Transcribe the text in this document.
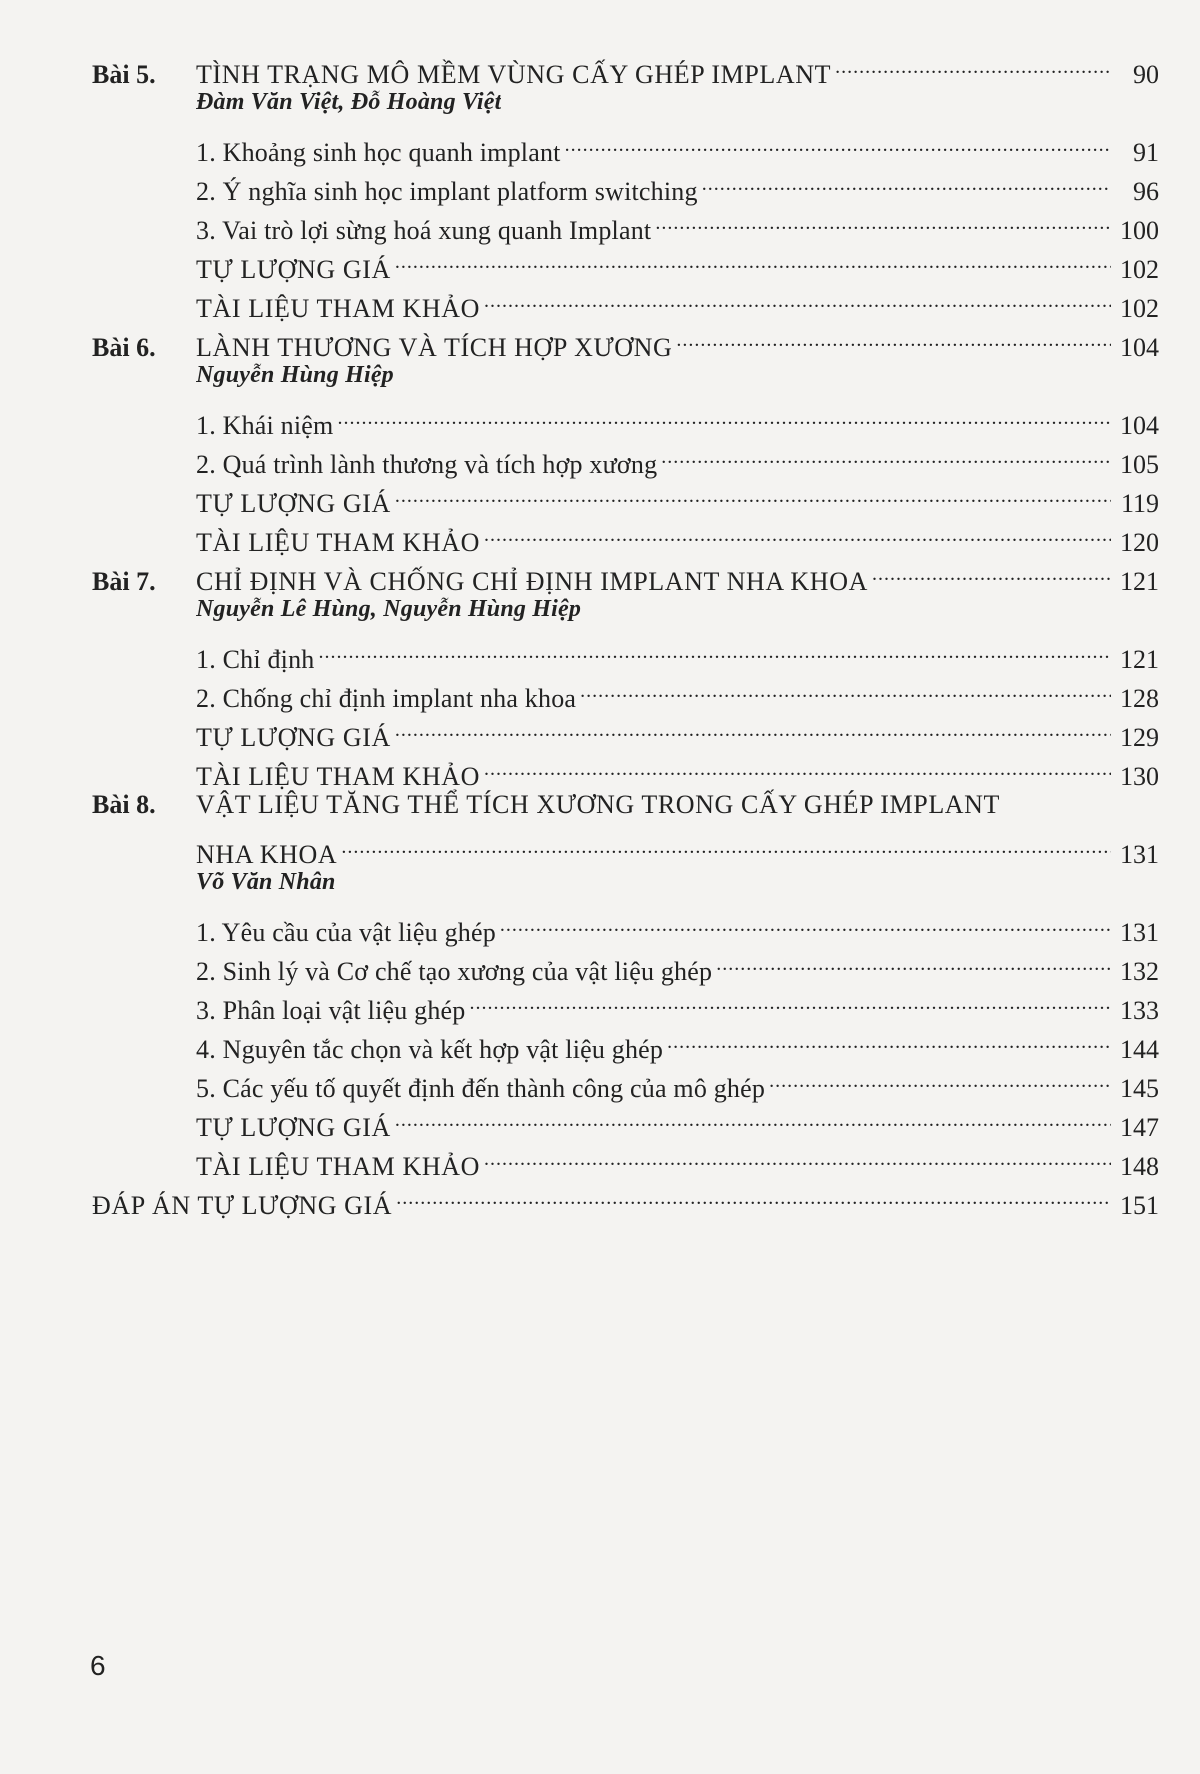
Bài 5.	TÌNH TRẠNG MÔ MỀM VÙNG CẤY GHÉP IMPLANT .....	90
Đàm Văn Việt, Đỗ Hoàng Việt
1. Khoảng sinh học quanh implant .....	91
2. Ý nghĩa sinh học implant platform switching .....	96
3. Vai trò lợi sừng hoá xung quanh Implant .....	100
TỰ LƯỢNG GIÁ .....	102
TÀI LIỆU THAM KHẢO .....	102
Bài 6.	LÀNH THƯƠNG VÀ TÍCH HỢP XƯƠNG .....	104
Nguyễn Hùng Hiệp
1. Khái niệm .....	104
2. Quá trình lành thương và tích hợp xương .....	105
TỰ LƯỢNG GIÁ .....	119
TÀI LIỆU THAM KHẢO .....	120
Bài 7.	CHỈ ĐỊNH VÀ CHỐNG CHỈ ĐỊNH IMPLANT NHA KHOA .....	121
Nguyễn Lê Hùng, Nguyễn Hùng Hiệp
1. Chỉ định .....	121
2. Chống chỉ định implant nha khoa .....	128
TỰ LƯỢNG GIÁ .....	129
TÀI LIỆU THAM KHẢO .....	130
Bài 8.	VẬT LIỆU TĂNG THỂ TÍCH XƯƠNG TRONG CẤY GHÉP IMPLANT
NHA KHOA .....	131
Võ Văn Nhân
1. Yêu cầu của vật liệu ghép .....	131
2. Sinh lý và Cơ chế tạo xương của vật liệu ghép .....	132
3. Phân loại vật liệu ghép .....	133
4. Nguyên tắc chọn và kết hợp vật liệu ghép .....	144
5. Các yếu tố quyết định đến thành công của mô ghép .....	145
TỰ LƯỢNG GIÁ .....	147
TÀI LIỆU THAM KHẢO .....	148
ĐÁP ÁN TỰ LƯỢNG GIÁ .....	151
6
